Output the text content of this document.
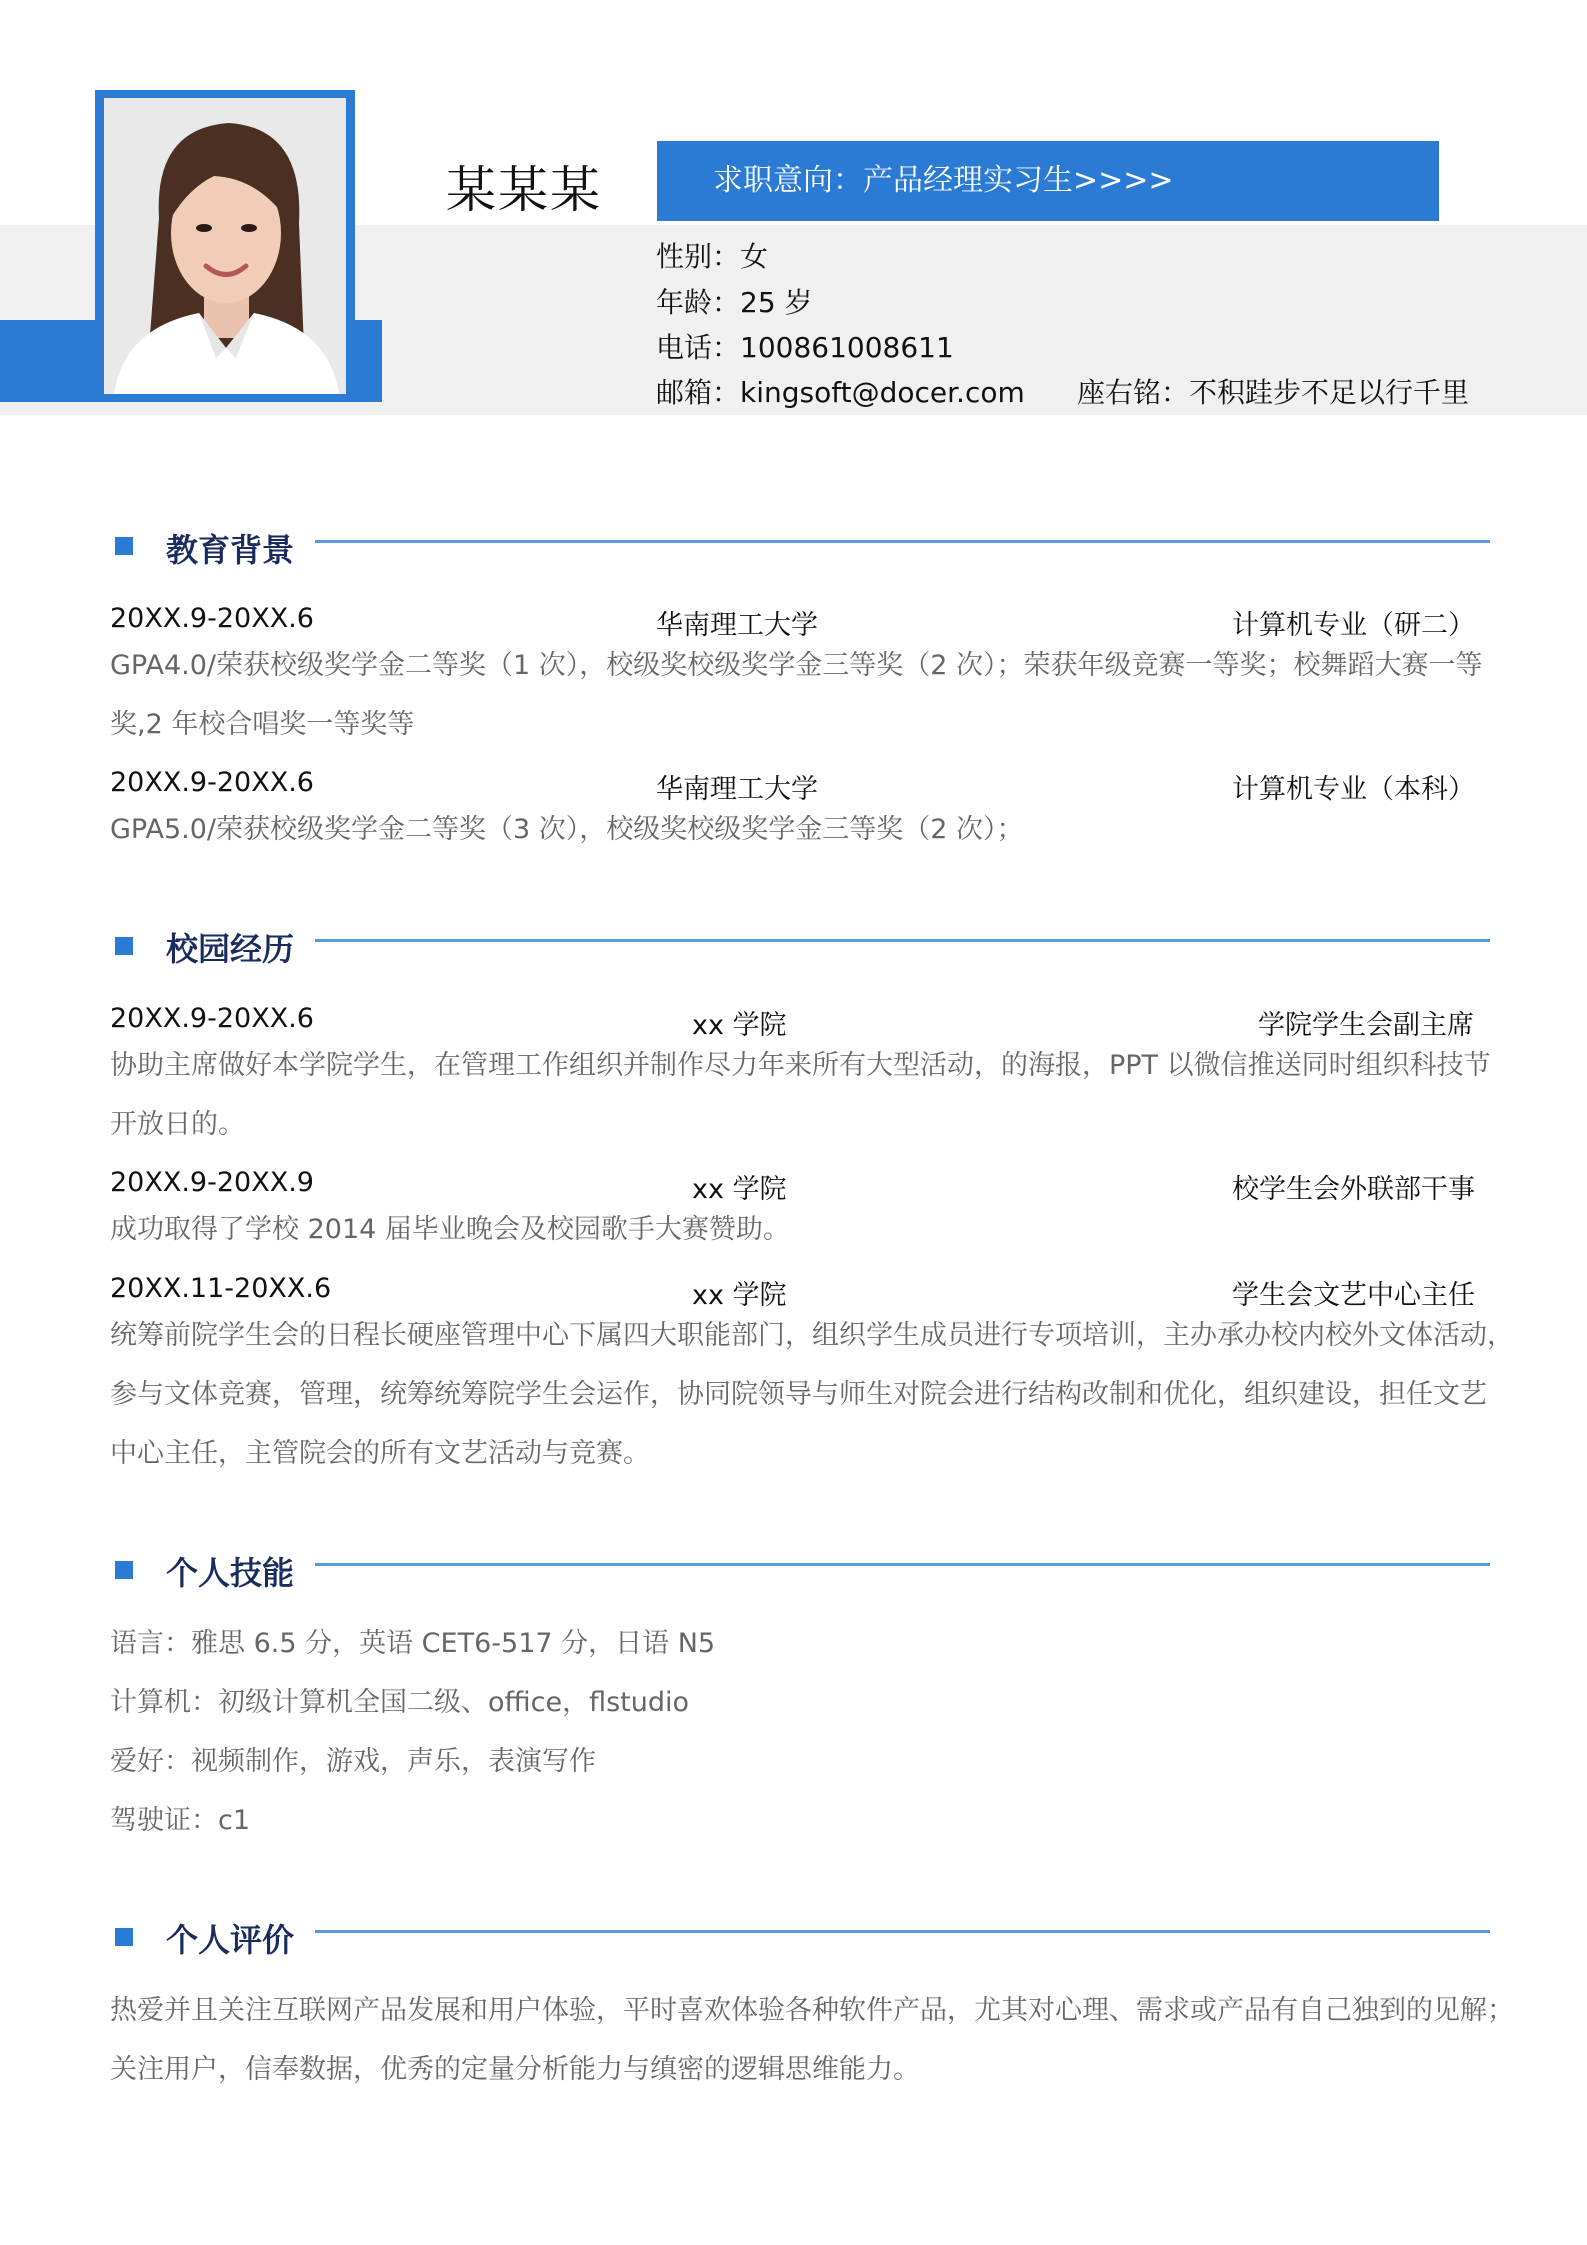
某某某	求职意向：产品经理实习生>>>>
性别：女
年龄：25 岁
电话：100861008611
邮箱：kingsoft@docer.com 座右铭：不积跬步不足以行千里
教育背景
20XX.9-20XX.6	华南理工大学	计算机专业（研二）
GPA4.0/荣获校级奖学金二等奖（1 次），校级奖校级奖学金三等奖（2 次）；荣获年级竞赛一等奖；校舞蹈大赛一等
奖,2 年校合唱奖一等奖等
20XX.9-20XX.6	华南理工大学	计算机专业（本科）
GPA5.0/荣获校级奖学金二等奖（3 次），校级奖校级奖学金三等奖（2 次）；
校园经历
20XX.9-20XX.6	xx 学院	学院学生会副主席
协助主席做好本学院学生，在管理工作组织并制作尽力年来所有大型活动，的海报，PPT 以微信推送同时组织科技节
开放日的。
20XX.9-20XX.9	xx 学院	校学生会外联部干事
成功取得了学校 2014 届毕业晚会及校园歌手大赛赞助。
20XX.11-20XX.6	xx 学院	学生会文艺中心主任
统筹前院学生会的日程长硬座管理中心下属四大职能部门，组织学生成员进行专项培训，主办承办校内校外文体活动，
参与文体竞赛，管理，统筹统筹院学生会运作，协同院领导与师生对院会进行结构改制和优化，组织建设，担任文艺
中心主任，主管院会的所有文艺活动与竞赛。
个人技能
语言：雅思 6.5 分，英语 CET6-517 分，日语 N5
计算机：初级计算机全国二级、office，flstudio
爱好：视频制作，游戏，声乐，表演写作
驾驶证：c1
个人评价
热爱并且关注互联网产品发展和用户体验，平时喜欢体验各种软件产品，尤其对心理、需求或产品有自己独到的见解；
关注用户，信奉数据，优秀的定量分析能力与缜密的逻辑思维能力。
